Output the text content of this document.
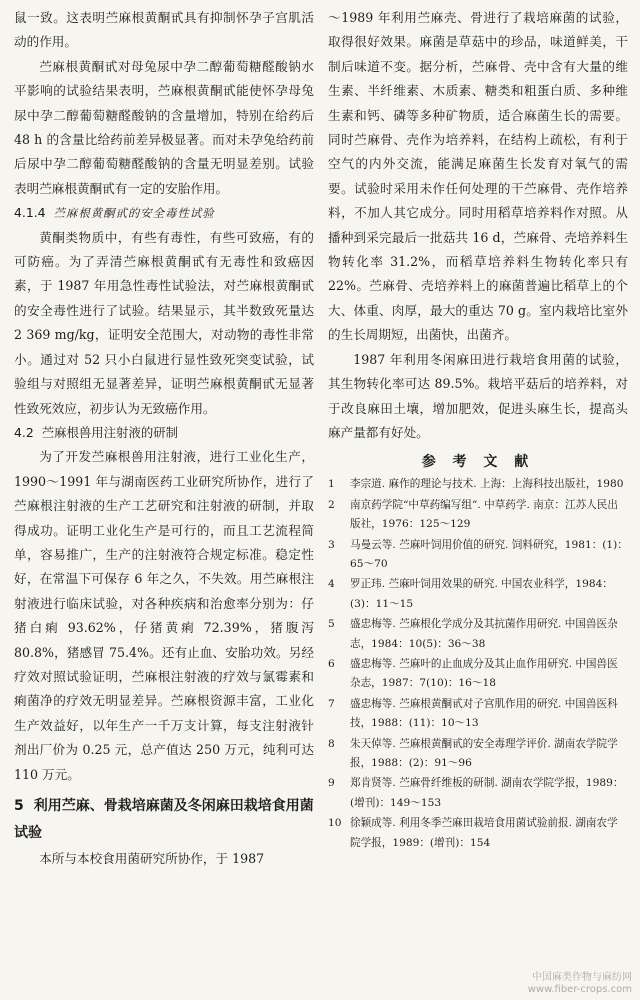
鼠一致。这表明苎麻根黄酮甙具有抑制怀孕子宫肌活动的作用。

苎麻根黄酮甙对母兔尿中孕二醇葡萄糖醛酸钠水平影响的试验结果表明，苎麻根黄酮甙能使怀孕母兔尿中孕二醇葡萄糖醛酸钠的含量增加，特别在给药后 48 h 的含量比给药前差异极显著。而对未孕兔给药前后尿中孕二醇葡萄糖醛酸钠的含量无明显差别。试验表明苎麻根黄酮甙有一定的安胎作用。

4.1.4 苎麻根黄酮甙的安全毒性试验

黄酮类物质中，有些有毒性，有些可致癌，有的可防癌。为了弄清苎麻根黄酮甙有无毒性和致癌因素，于 1987 年用急性毒性试验法，对苎麻根黄酮甙的安全毒性进行了试验。结果显示，其半数致死量达 2 369 mg/kg，证明安全范围大，对动物的毒性非常小。通过对 52 只小白鼠进行显性致死突变试验，试验组与对照组无显著差异，证明苎麻根黄酮甙无显著性致死效应，初步认为无致癌作用。

4.2 苎麻根兽用注射液的研制

为了开发苎麻根兽用注射液，进行工业化生产，1990～1991 年与湖南医药工业研究所协作，进行了苎麻根注射液的生产工艺研究和注射液的研制，并取得成功。证明工业化生产是可行的，而且工艺流程简单，容易推广，生产的注射液符合规定标准。稳定性好，在常温下可保存 6 年之久，不失效。用苎麻根注射液进行临床试验，对各种疾病和治愈率分别为：仔猪白痢 93.62%，仔猪黄痢 72.39%，猪腹泻 80.8%，猪感冒 75.4%。还有止血、安胎功效。另经疗效对照试验证明，苎麻根注射液的疗效与氯霉素和痢菌净的疗效无明显差异。苎麻根资源丰富，工业化生产效益好，以年生产一千万支计算，每支注射液针剂出厂价为 0.25 元，总产值达 250 万元，纯利可达 110 万元。

5 利用苎麻、骨栽培麻菌及冬闲麻田栽培食用菌试验

本所与本校食用菌研究所协作，于 1987

～1989 年利用苎麻壳、骨进行了栽培麻菌的试验，取得很好效果。麻菌是草菇中的珍品，味道鲜美，干制后味道不变。据分析，苎麻骨、壳中含有大量的维生素、半纤维素、木质素、糖类和粗蛋白质、多种维生素和钙、磷等多种矿物质，适合麻菌生长的需要。同时苎麻骨、壳作为培养料，在结构上疏松，有利于空气的内外交流，能满足麻菌生长发育对氧气的需要。试验时采用未作任何处理的干苎麻骨、壳作培养料，不加人其它成分。同时用稻草培养料作对照。从播种到采完最后一批菇共 16 d，苎麻骨、壳培养料生物转化率 31.2%，而稻草培养料生物转化率只有 22%。苎麻骨、壳培养料上的麻菌普遍比稻草上的个大、体重、肉厚，最大的重达 70 g。室内栽培比室外的生长周期短，出菌快，出菌齐。

1987 年利用冬闲麻田进行栽培食用菌的试验，其生物转化率可达 89.5%。栽培平菇后的培养料，对于改良麻田土壤，增加肥效，促进头麻生长，提高头麻产量都有好处。

参 考 文 献
1	李宗道. 麻作的理论与技术. 上海：上海科技出版社，1980
2	南京药学院“中草药编写组”. 中草药学. 南京：江苏人民出版社，1976：125～129
3	马曼云等. 苎麻叶饲用价值的研究. 饲料研究，1981：(1)：65～70
4	罗正玮. 苎麻叶饲用效果的研究. 中国农业科学，1984：(3)：11～15
5	盛忠梅等. 苎麻根化学成分及其抗菌作用研究. 中国兽医杂志，1984：10(5)：36～38
6	盛忠梅等. 苎麻叶的止血成分及其止血作用研究. 中国兽医杂志，1987：7(10)：16～18
7	盛忠梅等. 苎麻根黄酮甙对子宫肌作用的研究. 中国兽医科技，1988：(11)：10～13
8	朱天倬等. 苎麻根黄酮甙的安全毒理学评价. 湖南农学院学报，1988：(2)：91～96
9	郑肯贤等. 苎麻骨纤维板的研制. 湖南农学院学报，1989：(增刊)：149～153
10 徐颖成等. 利用冬季苎麻田栽培食用菌试验前报. 湖南农学院学报，1989：(增刊)：154
中国麻类作物与麻纺网
www.fiber-crops.com
